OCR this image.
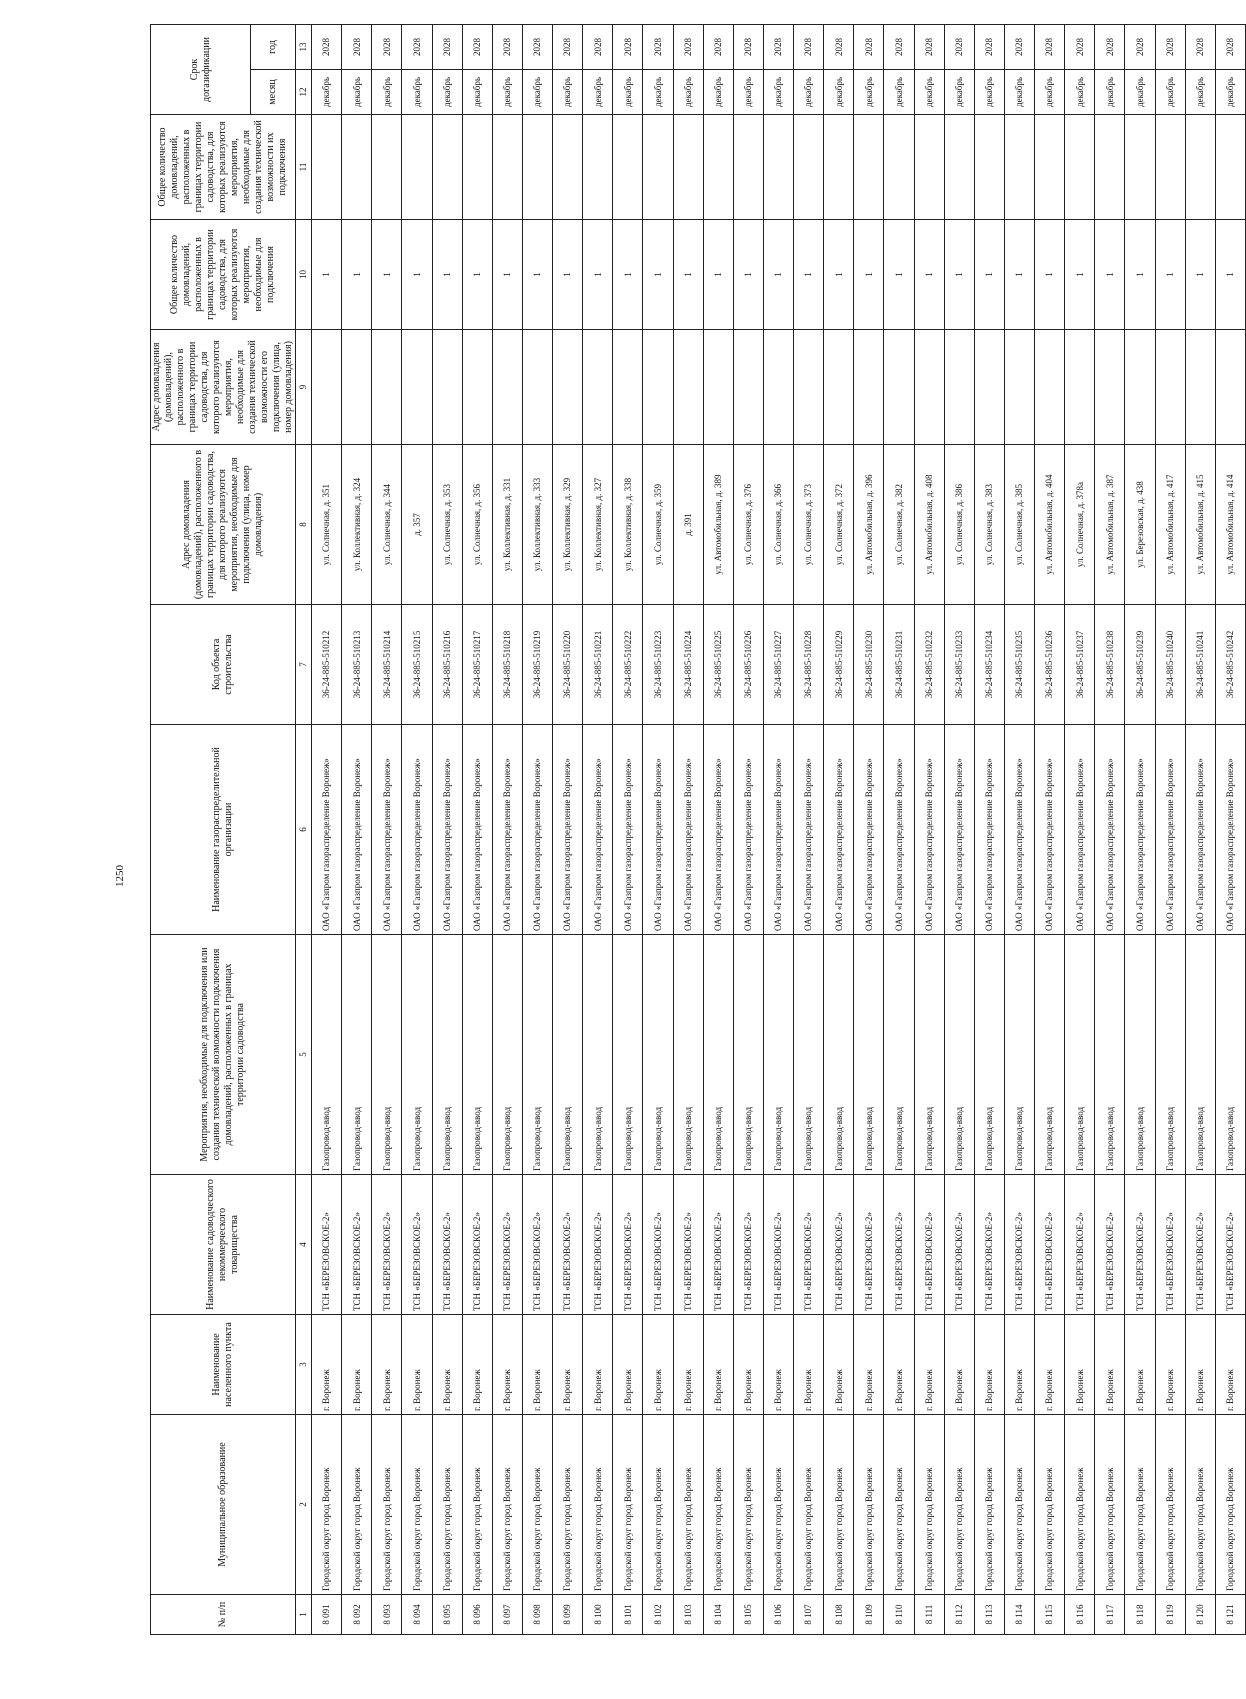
1250
№ п/п	Муниципальное образование	Наименование населенного пункта	Наименование садоводческого некоммерческого товарищества	Мероприятия, необходимые для подключения или создания технической возможности подключения домовладений, расположенных в границах территории садоводства	Наименование газораспределительной организации	Код объекта строительства	Адрес домовладения (домовладений), расположенного в границах территории садоводства, для которого реализуются мероприятия, необходимые для подключения (улица, номер домовладения)	Адрес домовладения (домовладений), расположенного в границах территории садоводства, для которого реализуются мероприятия, необходимые для создания технической возможности его подключения (улица, номер домовладения)	Общее количество домовладений, расположенных в границах территории садоводства, для которых реализуются мероприятия, необходимые для подключения	Общее количество домовладений, расположенных в границах территории садоводства, для которых реализуются мероприятия, необходимые для создания технической возможности их подключения	Срок догазификации	
											месяц	год
1	2	3	4	5	6	7	8	9	10	11	12	13
8 091	Городской округ город Воронеж	г. Воронеж	ТСН «БЕРЕЗОВСКОЕ-2»	Газопровод-ввод	ОАО «Газпром газораспределение Воронеж»	36-24-885-510212	ул. Солнечная, д. 351		1		декабрь	2028
8 092	Городской округ город Воронеж	г. Воронеж	ТСН «БЕРЕЗОВСКОЕ-2»	Газопровод-ввод	ОАО «Газпром газораспределение Воронеж»	36-24-885-510213	ул. Коллективная, д. 324		1		декабрь	2028
8 093	Городской округ город Воронеж	г. Воронеж	ТСН «БЕРЕЗОВСКОЕ-2»	Газопровод-ввод	ОАО «Газпром газораспределение Воронеж»	36-24-885-510214	ул. Солнечная, д. 344		1		декабрь	2028
8 094	Городской округ город Воронеж	г. Воронеж	ТСН «БЕРЕЗОВСКОЕ-2»	Газопровод-ввод	ОАО «Газпром газораспределение Воронеж»	36-24-885-510215	д. 357		1		декабрь	2028
8 095	Городской округ город Воронеж	г. Воронеж	ТСН «БЕРЕЗОВСКОЕ-2»	Газопровод-ввод	ОАО «Газпром газораспределение Воронеж»	36-24-885-510216	ул. Солнечная, д. 353		1		декабрь	2028
8 096	Городской округ город Воронеж	г. Воронеж	ТСН «БЕРЕЗОВСКОЕ-2»	Газопровод-ввод	ОАО «Газпром газораспределение Воронеж»	36-24-885-510217	ул. Солнечная, д. 356		1		декабрь	2028
8 097	Городской округ город Воронеж	г. Воронеж	ТСН «БЕРЕЗОВСКОЕ-2»	Газопровод-ввод	ОАО «Газпром газораспределение Воронеж»	36-24-885-510218	ул. Коллективная, д. 331		1		декабрь	2028
8 098	Городской округ город Воронеж	г. Воронеж	ТСН «БЕРЕЗОВСКОЕ-2»	Газопровод-ввод	ОАО «Газпром газораспределение Воронеж»	36-24-885-510219	ул. Коллективная, д. 333		1		декабрь	2028
8 099	Городской округ город Воронеж	г. Воронеж	ТСН «БЕРЕЗОВСКОЕ-2»	Газопровод-ввод	ОАО «Газпром газораспределение Воронеж»	36-24-885-510220	ул. Коллективная, д. 329		1		декабрь	2028
8 100	Городской округ город Воронеж	г. Воронеж	ТСН «БЕРЕЗОВСКОЕ-2»	Газопровод-ввод	ОАО «Газпром газораспределение Воронеж»	36-24-885-510221	ул. Коллективная, д. 327		1		декабрь	2028
8 101	Городской округ город Воронеж	г. Воронеж	ТСН «БЕРЕЗОВСКОЕ-2»	Газопровод-ввод	ОАО «Газпром газораспределение Воронеж»	36-24-885-510222	ул. Коллективная, д. 338		1		декабрь	2028
8 102	Городской округ город Воронеж	г. Воронеж	ТСН «БЕРЕЗОВСКОЕ-2»	Газопровод-ввод	ОАО «Газпром газораспределение Воронеж»	36-24-885-510223	ул. Солнечная, д. 359		1		декабрь	2028
8 103	Городской округ город Воронеж	г. Воронеж	ТСН «БЕРЕЗОВСКОЕ-2»	Газопровод-ввод	ОАО «Газпром газораспределение Воронеж»	36-24-885-510224	д. 391		1		декабрь	2028
8 104	Городской округ город Воронеж	г. Воронеж	ТСН «БЕРЕЗОВСКОЕ-2»	Газопровод-ввод	ОАО «Газпром газораспределение Воронеж»	36-24-885-510225	ул. Автомобильная, д. 389		1		декабрь	2028
8 105	Городской округ город Воронеж	г. Воронеж	ТСН «БЕРЕЗОВСКОЕ-2»	Газопровод-ввод	ОАО «Газпром газораспределение Воронеж»	36-24-885-510226	ул. Солнечная, д. 376		1		декабрь	2028
8 106	Городской округ город Воронеж	г. Воронеж	ТСН «БЕРЕЗОВСКОЕ-2»	Газопровод-ввод	ОАО «Газпром газораспределение Воронеж»	36-24-885-510227	ул. Солнечная, д. 366		1		декабрь	2028
8 107	Городской округ город Воронеж	г. Воронеж	ТСН «БЕРЕЗОВСКОЕ-2»	Газопровод-ввод	ОАО «Газпром газораспределение Воронеж»	36-24-885-510228	ул. Солнечная, д. 373		1		декабрь	2028
8 108	Городской округ город Воронеж	г. Воронеж	ТСН «БЕРЕЗОВСКОЕ-2»	Газопровод-ввод	ОАО «Газпром газораспределение Воронеж»	36-24-885-510229	ул. Солнечная, д. 372		1		декабрь	2028
8 109	Городской округ город Воронеж	г. Воронеж	ТСН «БЕРЕЗОВСКОЕ-2»	Газопровод-ввод	ОАО «Газпром газораспределение Воронеж»	36-24-885-510230	ул. Автомобильная, д. 396		1		декабрь	2028
8 110	Городской округ город Воронеж	г. Воронеж	ТСН «БЕРЕЗОВСКОЕ-2»	Газопровод-ввод	ОАО «Газпром газораспределение Воронеж»	36-24-885-510231	ул. Солнечная, д. 382		1		декабрь	2028
8 111	Городской округ город Воронеж	г. Воронеж	ТСН «БЕРЕЗОВСКОЕ-2»	Газопровод-ввод	ОАО «Газпром газораспределение Воронеж»	36-24-885-510232	ул. Автомобильная, д. 408		1		декабрь	2028
8 112	Городской округ город Воронеж	г. Воронеж	ТСН «БЕРЕЗОВСКОЕ-2»	Газопровод-ввод	ОАО «Газпром газораспределение Воронеж»	36-24-885-510233	ул. Солнечная, д. 386		1		декабрь	2028
8 113	Городской округ город Воронеж	г. Воронеж	ТСН «БЕРЕЗОВСКОЕ-2»	Газопровод-ввод	ОАО «Газпром газораспределение Воронеж»	36-24-885-510234	ул. Солнечная, д. 383		1		декабрь	2028
8 114	Городской округ город Воронеж	г. Воронеж	ТСН «БЕРЕЗОВСКОЕ-2»	Газопровод-ввод	ОАО «Газпром газораспределение Воронеж»	36-24-885-510235	ул. Солнечная, д. 385		1		декабрь	2028
8 115	Городской округ город Воронеж	г. Воронеж	ТСН «БЕРЕЗОВСКОЕ-2»	Газопровод-ввод	ОАО «Газпром газораспределение Воронеж»	36-24-885-510236	ул. Автомобильная, д. 404		1		декабрь	2028
8 116	Городской округ город Воронеж	г. Воронеж	ТСН «БЕРЕЗОВСКОЕ-2»	Газопровод-ввод	ОАО «Газпром газораспределение Воронеж»	36-24-885-510237	ул. Солнечная, д. 378а		1		декабрь	2028
8 117	Городской округ город Воронеж	г. Воронеж	ТСН «БЕРЕЗОВСКОЕ-2»	Газопровод-ввод	ОАО «Газпром газораспределение Воронеж»	36-24-885-510238	ул. Автомобильная, д. 387		1		декабрь	2028
8 118	Городской округ город Воронеж	г. Воронеж	ТСН «БЕРЕЗОВСКОЕ-2»	Газопровод-ввод	ОАО «Газпром газораспределение Воронеж»	36-24-885-510239	ул. Березовская, д. 438		1		декабрь	2028
8 119	Городской округ город Воронеж	г. Воронеж	ТСН «БЕРЕЗОВСКОЕ-2»	Газопровод-ввод	ОАО «Газпром газораспределение Воронеж»	36-24-885-510240	ул. Автомобильная, д. 417		1		декабрь	2028
8 120	Городской округ город Воронеж	г. Воронеж	ТСН «БЕРЕЗОВСКОЕ-2»	Газопровод-ввод	ОАО «Газпром газораспределение Воронеж»	36-24-885-510241	ул. Автомобильная, д. 415		1		декабрь	2028
8 121	Городской округ город Воронеж	г. Воронеж	ТСН «БЕРЕЗОВСКОЕ-2»	Газопровод-ввод	ОАО «Газпром газораспределение Воронеж»	36-24-885-510242	ул. Автомобильная, д. 414		1		декабрь	2028
